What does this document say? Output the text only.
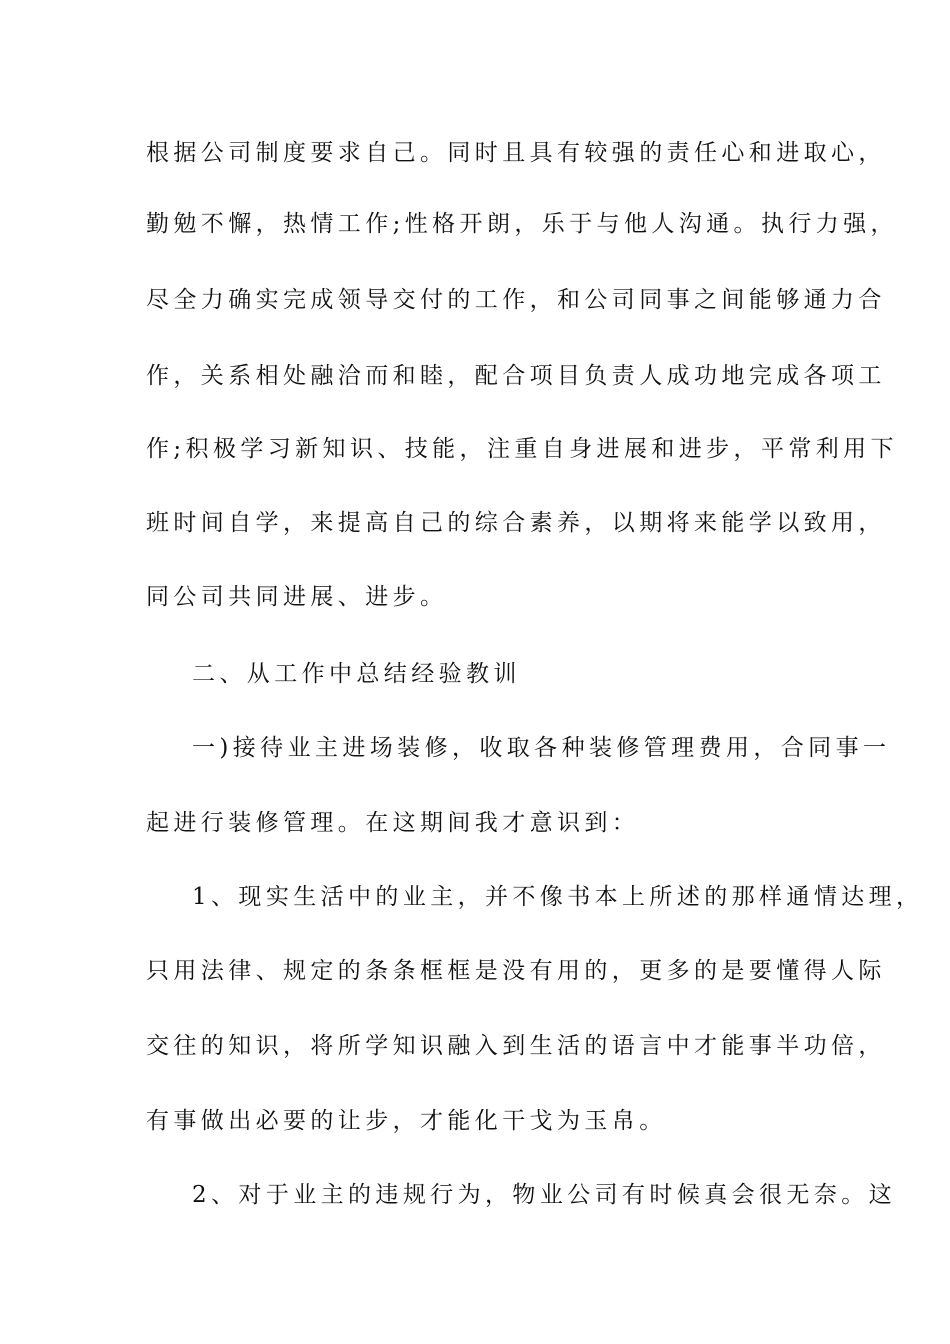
根据公司制度要求自己。同时且具有较强的责任心和进取心，
勤勉不懈，热情工作;性格开朗，乐于与他人沟通。执行力强，
尽全力确实完成领导交付的工作，和公司同事之间能够通力合
作，关系相处融洽而和睦，配合项目负责人成功地完成各项工
作;积极学习新知识、技能，注重自身进展和进步，平常利用下
班时间自学，来提高自己的综合素养，以期将来能学以致用，
同公司共同进展、进步。
二、从工作中总结经验教训
一)接待业主进场装修，收取各种装修管理费用，合同事一
起进行装修管理。在这期间我才意识到：
1、现实生活中的业主，并不像书本上所述的那样通情达理，
只用法律、规定的条条框框是没有用的，更多的是要懂得人际
交往的知识，将所学知识融入到生活的语言中才能事半功倍，
有事做出必要的让步，才能化干戈为玉帛。
2、对于业主的违规行为，物业公司有时候真会很无奈。这
